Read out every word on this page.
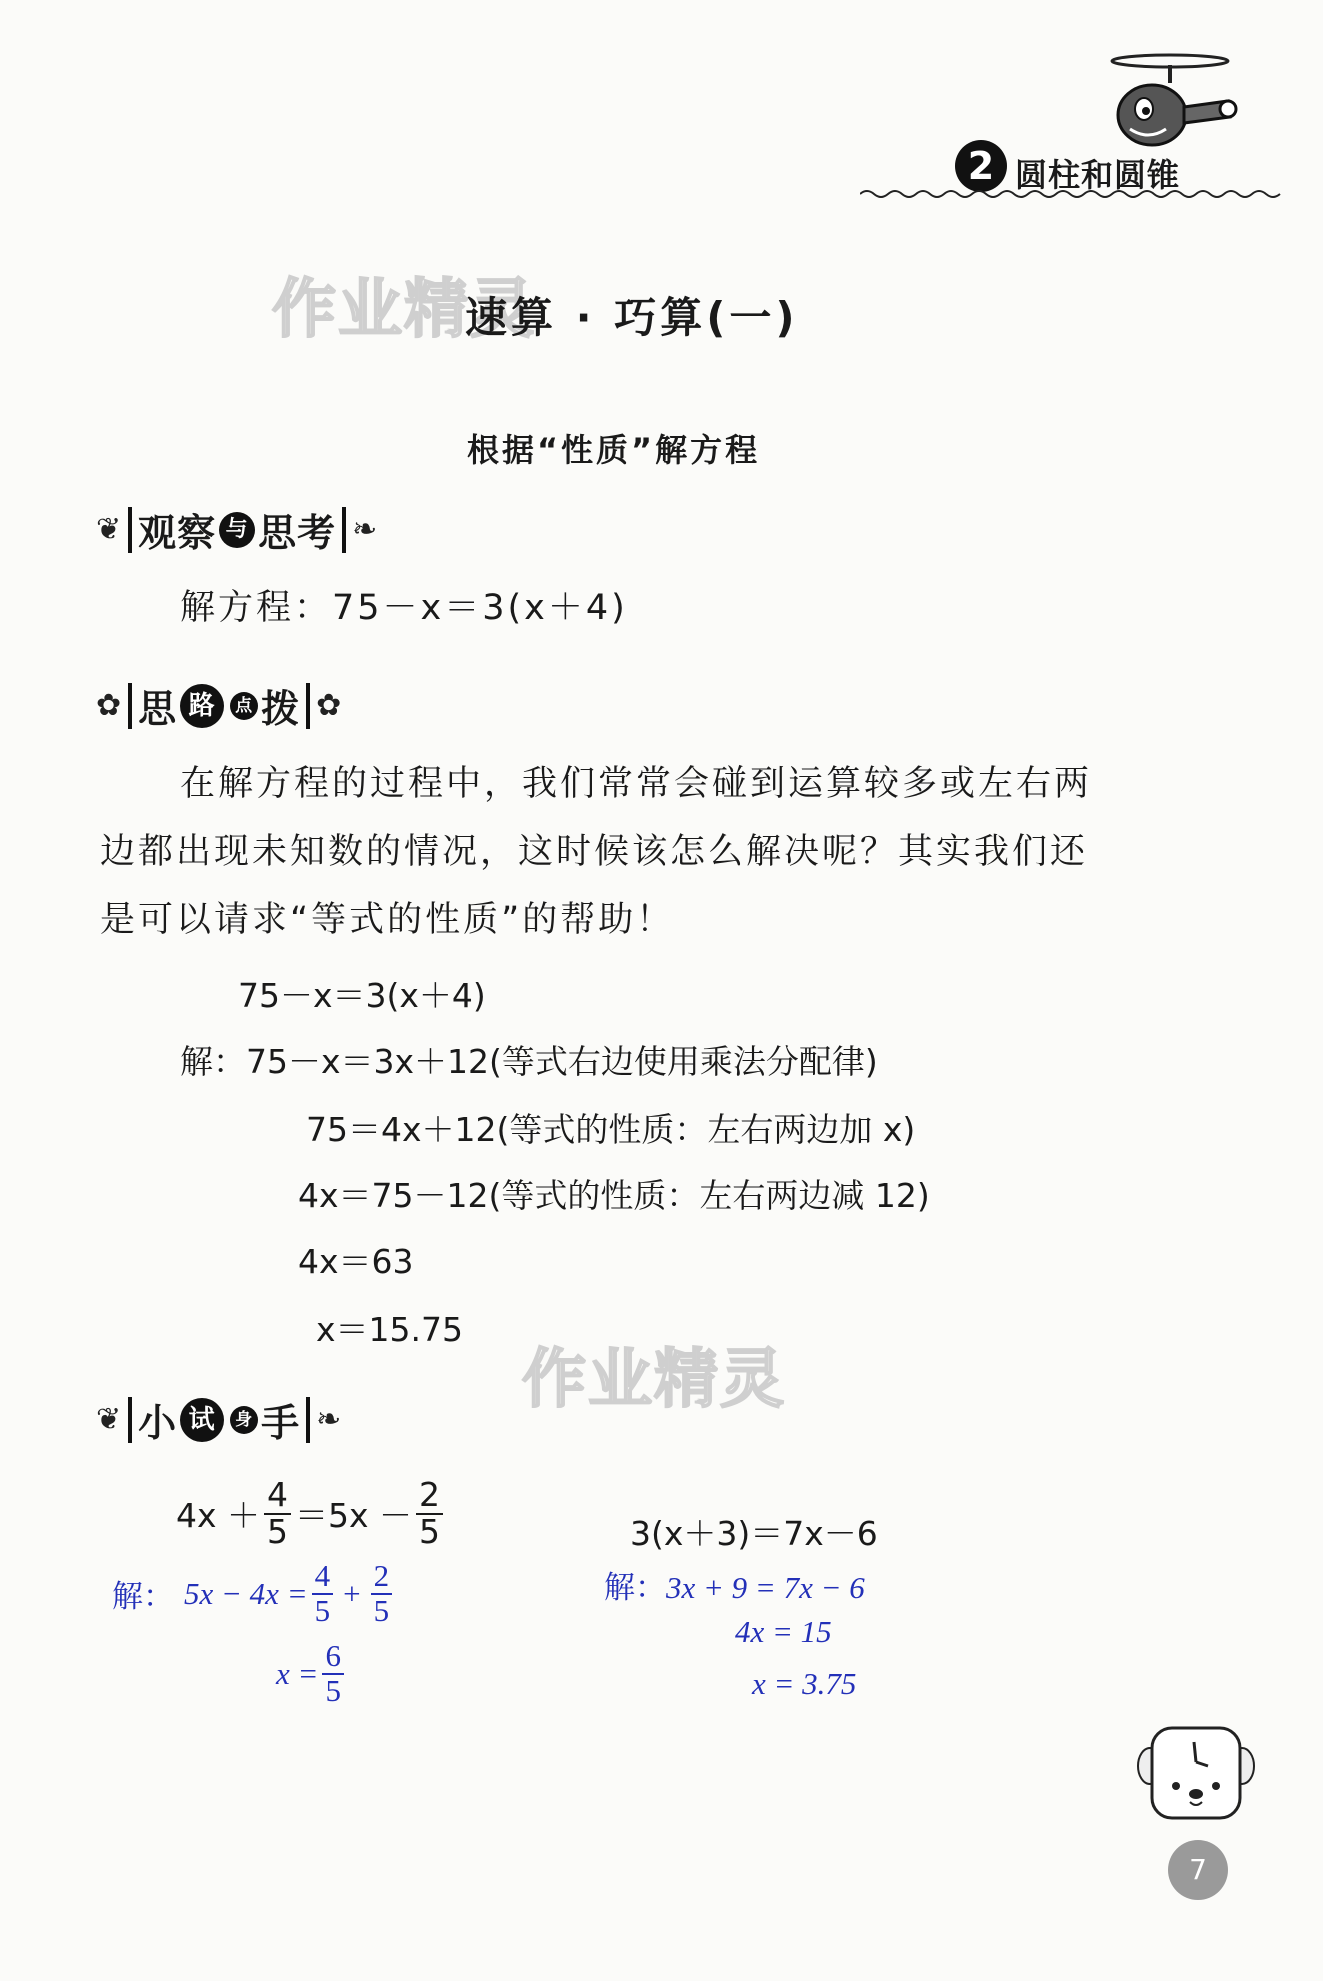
2 圆柱和圆锥
作业精灵
速算 · 巧算(一)
根据“性质”解方程
❦ 观察 与 思考 ❧
解方程：75－x＝3(x＋4)
✿ 思 路	点 拨 ✿
在解方程的过程中，我们常常会碰到运算较多或左右两
边都出现未知数的情况，这时候该怎么解决呢？其实我们还
是可以请求“等式的性质”的帮助！
75－x＝3(x＋4)
解：75－x＝3x＋12(等式右边使用乘法分配律)
75＝4x＋12(等式的性质：左右两边加 x)
4x＝75－12(等式的性质：左右两边减 12)
4x＝63
x＝15.75
作业精灵
❦ 小 试	身 手 ❧
$4x + \frac{4}{5} =5x - \frac{2}{5}$
解： $5x - 4x = \frac{4}{5} + \frac{2}{5}$
$x = \frac{6}{5}$
3(x＋3)＝7x－6
解：3x + 9 = 7x − 6
4x = 15
x = 3.75
7
